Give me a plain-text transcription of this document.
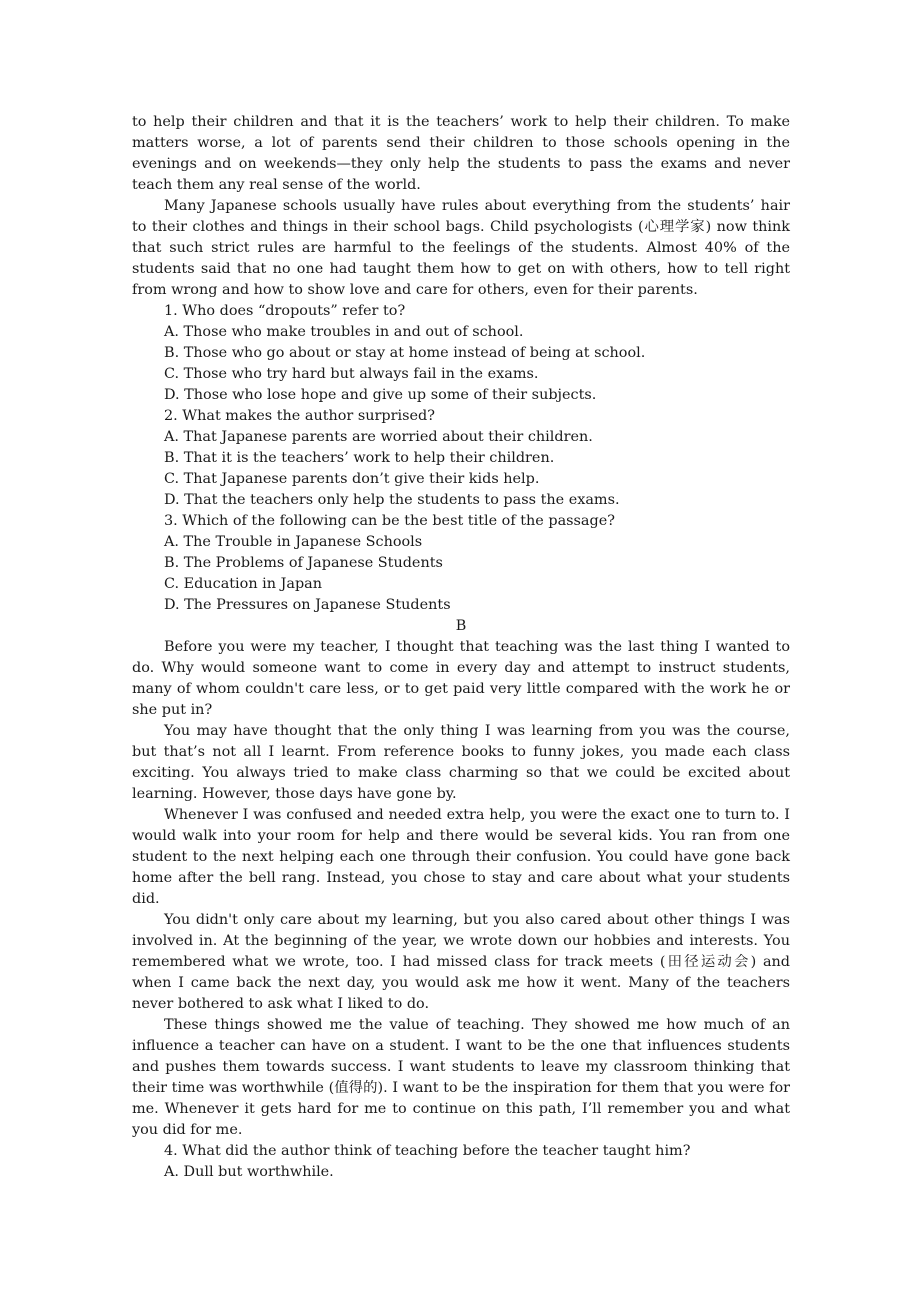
to help their children and that it is the teachers’ work to help their children. To make matters worse, a lot of parents send their children to those schools opening in the evenings and on weekends—they only help the students to pass the exams and never teach them any real sense of the world.

Many Japanese schools usually have rules about everything from the students’ hair to their clothes and things in their school bags. Child psychologists (心理学家) now think that such strict rules are harmful to the feelings of the students. Almost 40% of the students said that no one had taught them how to get on with others, how to tell right from wrong and how to show love and care for others, even for their parents.

1. Who does “dropouts” refer to?

A. Those who make troubles in and out of school.

B. Those who go about or stay at home instead of being at school.

C. Those who try hard but always fail in the exams.

D. Those who lose hope and give up some of their subjects.

2. What makes the author surprised?

A. That Japanese parents are worried about their children.

B. That it is the teachers’ work to help their children.

C. That Japanese parents don’t give their kids help.

D. That the teachers only help the students to pass the exams.

3. Which of the following can be the best title of the passage?

A. The Trouble in Japanese Schools

B. The Problems of Japanese Students

C. Education in Japan

D. The Pressures on Japanese Students

B

Before you were my teacher, I thought that teaching was the last thing I wanted to do. Why would someone want to come in every day and attempt to instruct students, many of whom couldn't care less, or to get paid very little compared with the work he or she put in?

You may have thought that the only thing I was learning from you was the course, but that’s not all I learnt. From reference books to funny jokes, you made each class exciting. You always tried to make class charming so that we could be excited about learning. However, those days have gone by.

Whenever I was confused and needed extra help, you were the exact one to turn to. I would walk into your room for help and there would be several kids. You ran from one student to the next helping each one through their confusion. You could have gone back home after the bell rang. Instead, you chose to stay and care about what your students did.

You didn't only care about my learning, but you also cared about other things I was involved in. At the beginning of the year, we wrote down our hobbies and interests. You remembered what we wrote, too. I had missed class for track meets (田径运动会) and when I came back the next day, you would ask me how it went. Many of the teachers never bothered to ask what I liked to do.

These things showed me the value of teaching. They showed me how much of an influence a teacher can have on a student. I want to be the one that influences students and pushes them towards success. I want students to leave my classroom thinking that their time was worthwhile (值得的). I want to be the inspiration for them that you were for me. Whenever it gets hard for me to continue on this path, I’ll remember you and what you did for me.

4. What did the author think of teaching before the teacher taught him?

A. Dull but worthwhile.
